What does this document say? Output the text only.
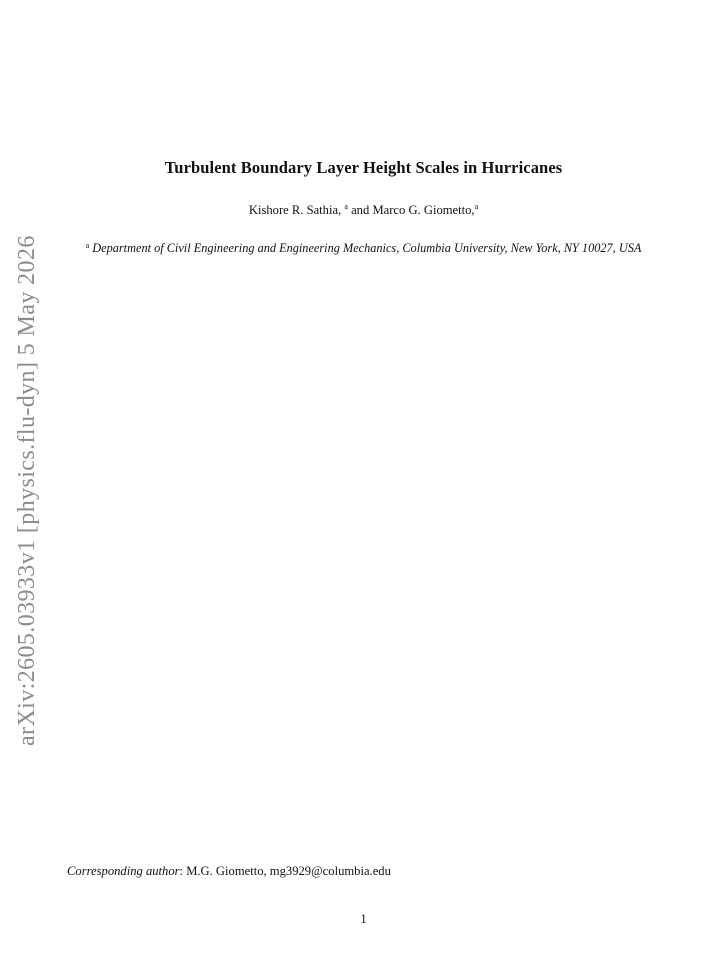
arXiv:2605.03933v1 [physics.flu-dyn] 5 May 2026
Turbulent Boundary Layer Height Scales in Hurricanes
Kishore R. Sathia, $^a$ and Marco G. Giometto,$^a$
$^a$ Department of Civil Engineering and Engineering Mechanics, Columbia University, New York, NY 10027, USA
Corresponding author: M.G. Giometto, mg3929@columbia.edu
1
